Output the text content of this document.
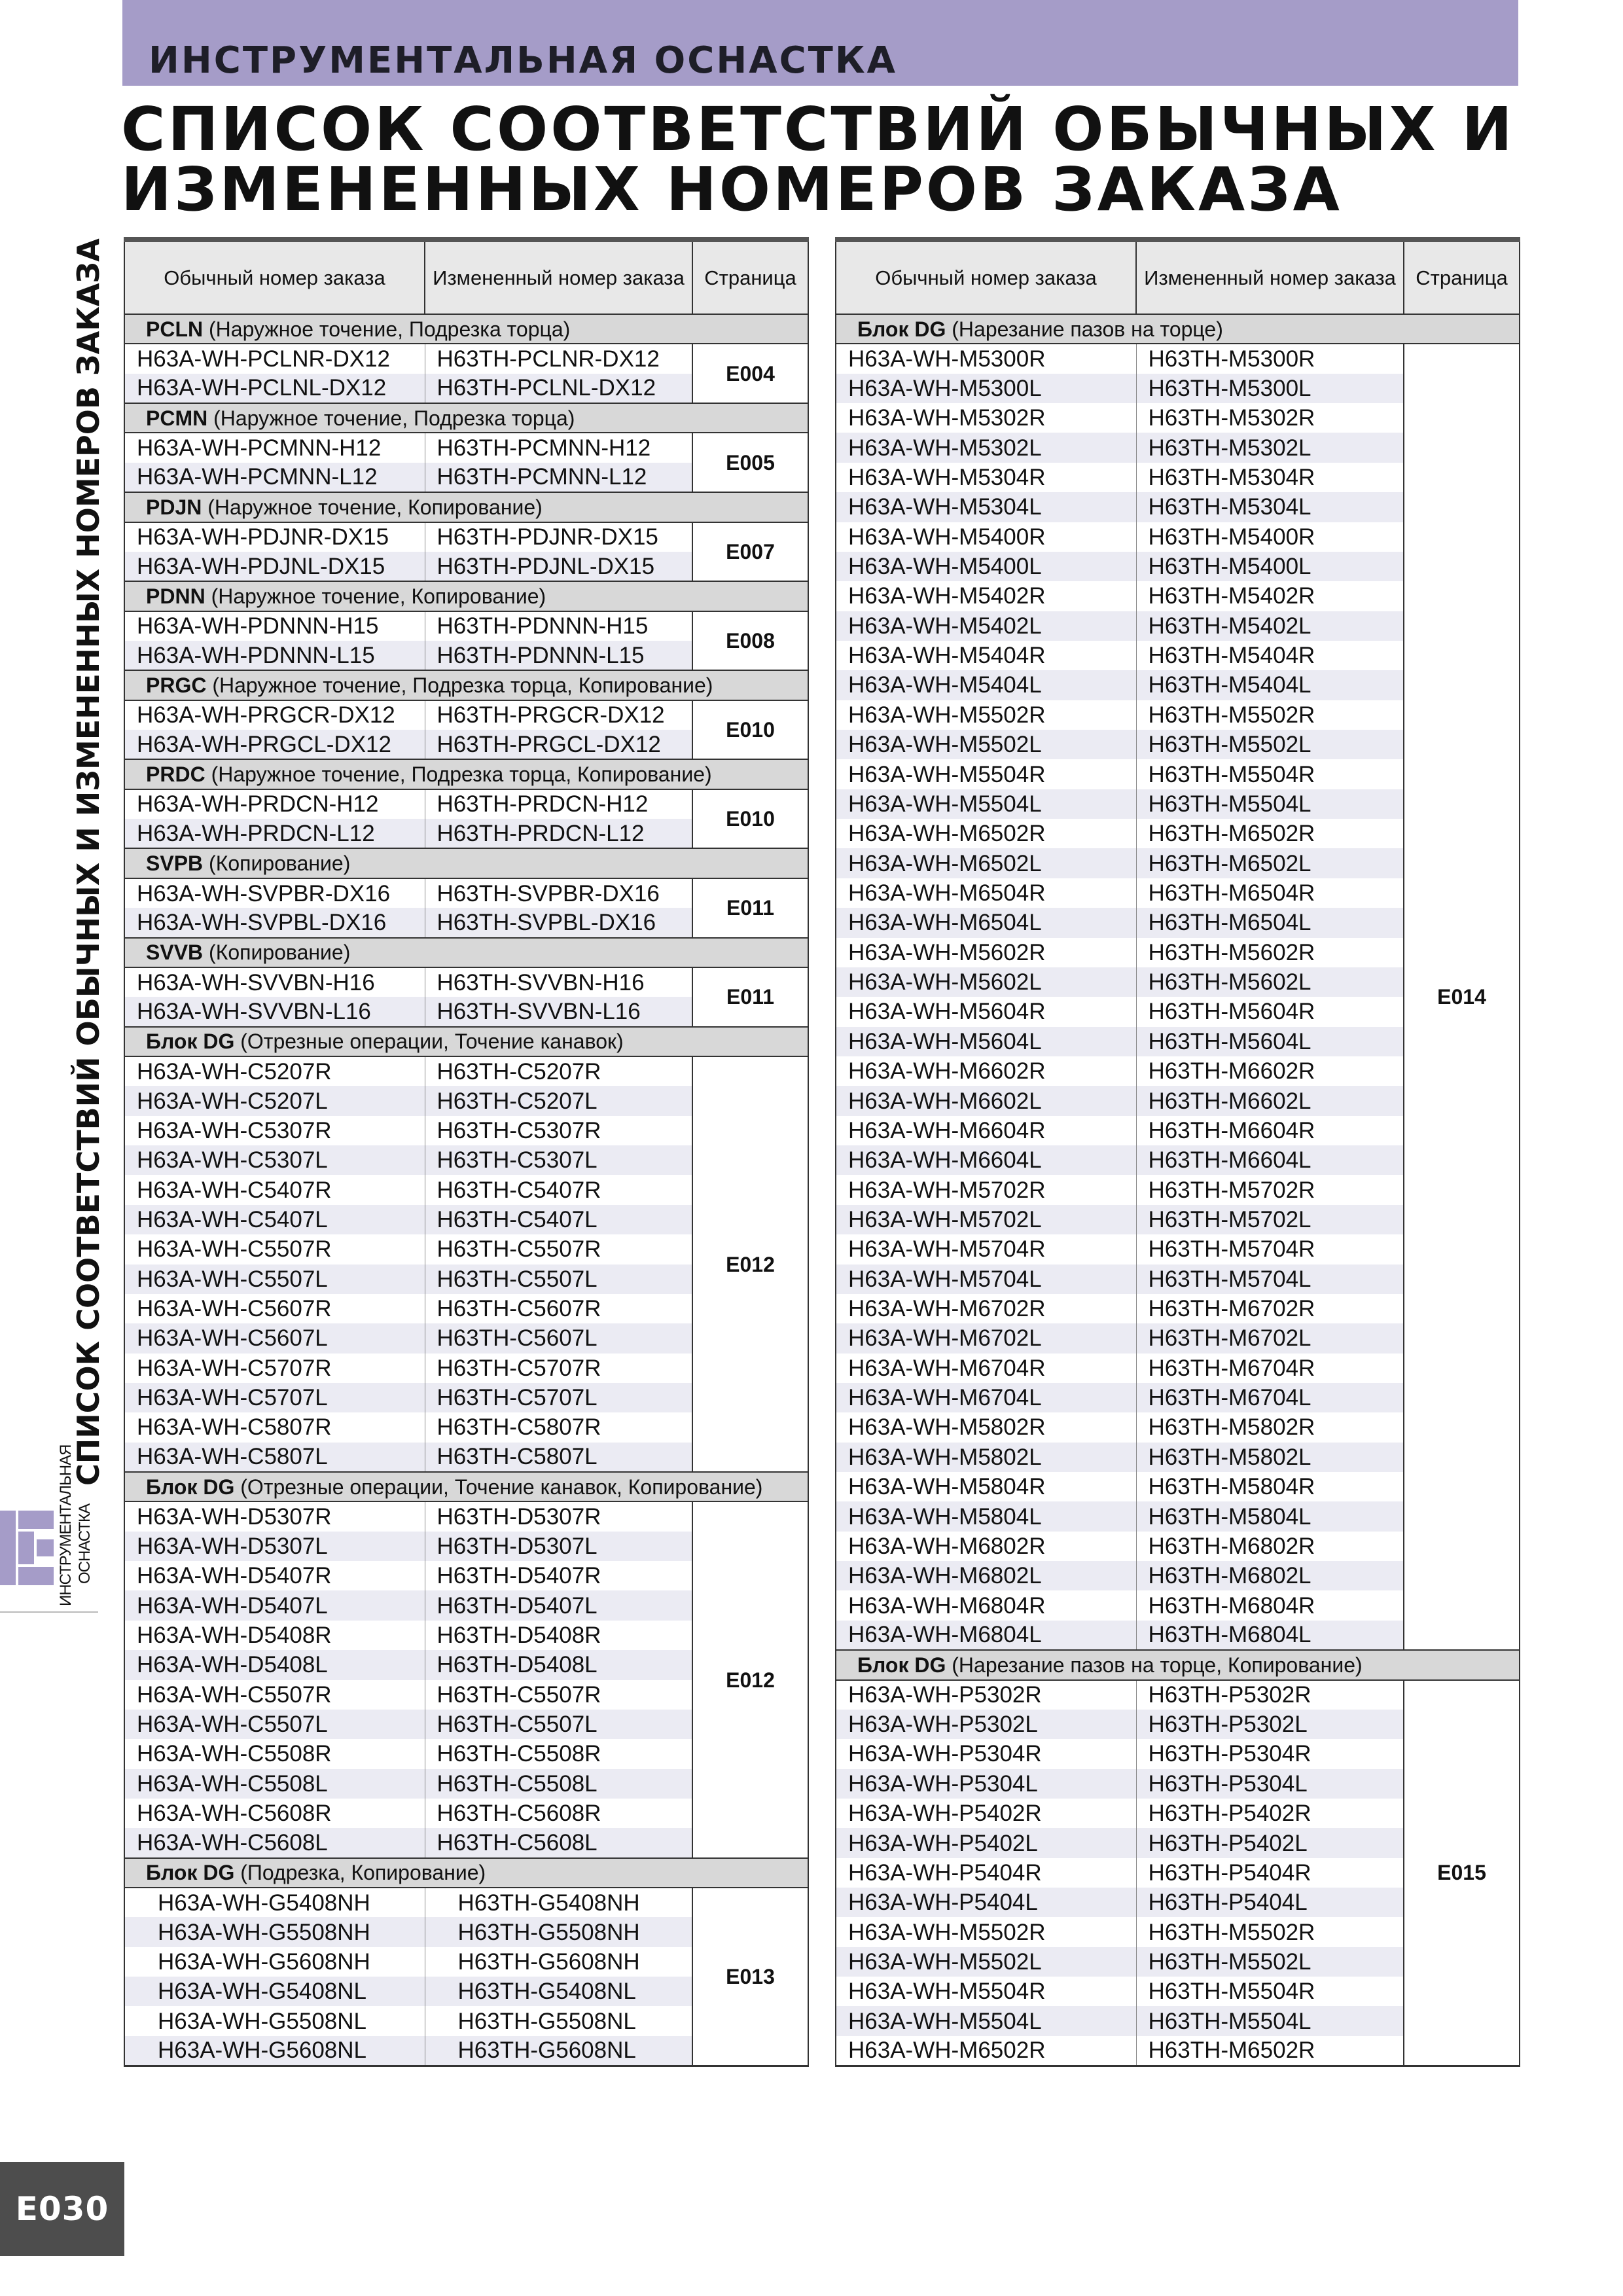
ИНСТРУМЕНТАЛЬНАЯ ОСНАСТКА
СПИСОК СООТВЕТСТВИЙ ОБЫЧНЫХ И
ИЗМЕНЕННЫХ НОМЕРОВ ЗАКАЗА
СПИСОК СООТВЕТСТВИЙ ОБЫЧНЫХ И ИЗМЕНЕННЫХ НОМЕРОВ ЗАКАЗА
ИНСТРУМЕНТАЛЬНАЯ ОСНАСТКА
Обычный номер заказа	Измененный номер заказа	Страница
PCLN (Наружное точение, Подрезка торца)		
H63A-WH-PCLNR-DX12	H63TH-PCLNR-DX12	E004
H63A-WH-PCLNL-DX12	H63TH-PCLNL-DX12	
PCMN (Наружное точение, Подрезка торца)		
H63A-WH-PCMNN-H12	H63TH-PCMNN-H12	E005
H63A-WH-PCMNN-L12	H63TH-PCMNN-L12	
PDJN (Наружное точение, Копирование)		
H63A-WH-PDJNR-DX15	H63TH-PDJNR-DX15	E007
H63A-WH-PDJNL-DX15	H63TH-PDJNL-DX15	
PDNN (Наружное точение, Копирование)		
H63A-WH-PDNNN-H15	H63TH-PDNNN-H15	E008
H63A-WH-PDNNN-L15	H63TH-PDNNN-L15	
PRGC (Наружное точение, Подрезка торца, Копирование)		
H63A-WH-PRGCR-DX12	H63TH-PRGCR-DX12	E010
H63A-WH-PRGCL-DX12	H63TH-PRGCL-DX12	
PRDC (Наружное точение, Подрезка торца, Копирование)		
H63A-WH-PRDCN-H12	H63TH-PRDCN-H12	E010
H63A-WH-PRDCN-L12	H63TH-PRDCN-L12	
SVPB (Копирование)		
H63A-WH-SVPBR-DX16	H63TH-SVPBR-DX16	E011
H63A-WH-SVPBL-DX16	H63TH-SVPBL-DX16	
SVVB (Копирование)		
H63A-WH-SVVBN-H16	H63TH-SVVBN-H16	E011
H63A-WH-SVVBN-L16	H63TH-SVVBN-L16	
Блок DG (Отрезные операции, Точение канавок)		
H63A-WH-C5207R	H63TH-C5207R	E012
H63A-WH-C5207L	H63TH-C5207L	
H63A-WH-C5307R	H63TH-C5307R	
H63A-WH-C5307L	H63TH-C5307L	
H63A-WH-C5407R	H63TH-C5407R	
H63A-WH-C5407L	H63TH-C5407L	
H63A-WH-C5507R	H63TH-C5507R	
H63A-WH-C5507L	H63TH-C5507L	
H63A-WH-C5607R	H63TH-C5607R	
H63A-WH-C5607L	H63TH-C5607L	
H63A-WH-C5707R	H63TH-C5707R	
H63A-WH-C5707L	H63TH-C5707L	
H63A-WH-C5807R	H63TH-C5807R	
H63A-WH-C5807L	H63TH-C5807L	
Блок DG (Отрезные операции, Точение канавок, Копирование)		
H63A-WH-D5307R	H63TH-D5307R	E012
H63A-WH-D5307L	H63TH-D5307L	
H63A-WH-D5407R	H63TH-D5407R	
H63A-WH-D5407L	H63TH-D5407L	
H63A-WH-D5408R	H63TH-D5408R	
H63A-WH-D5408L	H63TH-D5408L	
H63A-WH-C5507R	H63TH-C5507R	
H63A-WH-C5507L	H63TH-C5507L	
H63A-WH-C5508R	H63TH-C5508R	
H63A-WH-C5508L	H63TH-C5508L	
H63A-WH-C5608R	H63TH-C5608R	
H63A-WH-C5608L	H63TH-C5608L	
Блок DG (Подрезка, Копирование)		
H63A-WH-G5408NH	H63TH-G5408NH	E013
H63A-WH-G5508NH	H63TH-G5508NH	
H63A-WH-G5608NH	H63TH-G5608NH	
H63A-WH-G5408NL	H63TH-G5408NL	
H63A-WH-G5508NL	H63TH-G5508NL	
H63A-WH-G5608NL	H63TH-G5608NL	
Обычный номер заказа	Измененный номер заказа	Страница
Блок DG (Нарезание пазов на торце)		
H63A-WH-M5300R	H63TH-M5300R	E014
H63A-WH-M5300L	H63TH-M5300L	
H63A-WH-M5302R	H63TH-M5302R	
H63A-WH-M5302L	H63TH-M5302L	
H63A-WH-M5304R	H63TH-M5304R	
H63A-WH-M5304L	H63TH-M5304L	
H63A-WH-M5400R	H63TH-M5400R	
H63A-WH-M5400L	H63TH-M5400L	
H63A-WH-M5402R	H63TH-M5402R	
H63A-WH-M5402L	H63TH-M5402L	
H63A-WH-M5404R	H63TH-M5404R	
H63A-WH-M5404L	H63TH-M5404L	
H63A-WH-M5502R	H63TH-M5502R	
H63A-WH-M5502L	H63TH-M5502L	
H63A-WH-M5504R	H63TH-M5504R	
H63A-WH-M5504L	H63TH-M5504L	
H63A-WH-M6502R	H63TH-M6502R	
H63A-WH-M6502L	H63TH-M6502L	
H63A-WH-M6504R	H63TH-M6504R	
H63A-WH-M6504L	H63TH-M6504L	
H63A-WH-M5602R	H63TH-M5602R	
H63A-WH-M5602L	H63TH-M5602L	
H63A-WH-M5604R	H63TH-M5604R	
H63A-WH-M5604L	H63TH-M5604L	
H63A-WH-M6602R	H63TH-M6602R	
H63A-WH-M6602L	H63TH-M6602L	
H63A-WH-M6604R	H63TH-M6604R	
H63A-WH-M6604L	H63TH-M6604L	
H63A-WH-M5702R	H63TH-M5702R	
H63A-WH-M5702L	H63TH-M5702L	
H63A-WH-M5704R	H63TH-M5704R	
H63A-WH-M5704L	H63TH-M5704L	
H63A-WH-M6702R	H63TH-M6702R	
H63A-WH-M6702L	H63TH-M6702L	
H63A-WH-M6704R	H63TH-M6704R	
H63A-WH-M6704L	H63TH-M6704L	
H63A-WH-M5802R	H63TH-M5802R	
H63A-WH-M5802L	H63TH-M5802L	
H63A-WH-M5804R	H63TH-M5804R	
H63A-WH-M5804L	H63TH-M5804L	
H63A-WH-M6802R	H63TH-M6802R	
H63A-WH-M6802L	H63TH-M6802L	
H63A-WH-M6804R	H63TH-M6804R	
H63A-WH-M6804L	H63TH-M6804L	
Блок DG (Нарезание пазов на торце, Копирование)		
H63A-WH-P5302R	H63TH-P5302R	E015
H63A-WH-P5302L	H63TH-P5302L	
H63A-WH-P5304R	H63TH-P5304R	
H63A-WH-P5304L	H63TH-P5304L	
H63A-WH-P5402R	H63TH-P5402R	
H63A-WH-P5402L	H63TH-P5402L	
H63A-WH-P5404R	H63TH-P5404R	
H63A-WH-P5404L	H63TH-P5404L	
H63A-WH-M5502R	H63TH-M5502R	
H63A-WH-M5502L	H63TH-M5502L	
H63A-WH-M5504R	H63TH-M5504R	
H63A-WH-M5504L	H63TH-M5504L	
H63A-WH-M6502R	H63TH-M6502R	
E030
